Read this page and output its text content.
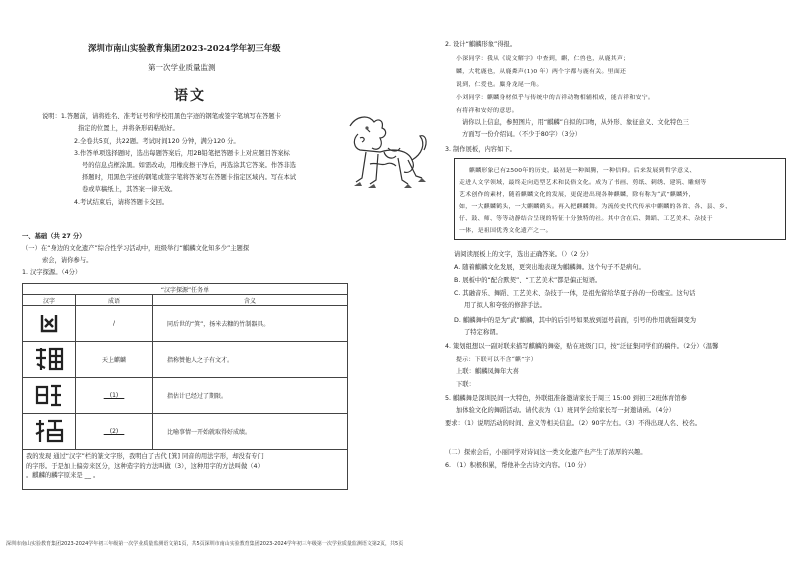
深圳市南山实验教育集团2023-2024学年初三年级
第一次学业质量监测
语文
说明：1.答题前，请将姓名、准考证号和学校用黑色字迹的钢笔或签字笔填写在答题卡
指定的位置上，并将条形码粘贴好。
2.全卷共5页，共22题。考试时间120 分钟，满分120 分。
3.作答单项选择题时，选出每题答案后，用2B铅笔把答题卡上对应题目答案标
号的信息点框涂黑。如需改动，用橡皮擦干净后，再选涂其它答案。作答非选
择题时，用黑色字迹的钢笔或签字笔将答案写在答题卡指定区域内。写在本试
卷或草稿纸上，其答案一律无效。
4.考试结束后，请将答题卡交回。
一、基础（共 27 分）
（一）在“身边的文化遗产”综合性学习活动中，班级举行“麒麟文化知多少”主题探
索会，请你参与。
1. 汉字探源。（4分）
“汉字探源”任务单		
汉字	成语	含义
	/	同后世的“箕”，扬米去糠的竹制器具。
	天上麒麟	指称赞他人之子有文才。
	__(1)__	指估计已经过了期限。
	__(2)__	比喻事情一开始就取得好成绩。

我的发现 通过“汉字”栏的篆文字形，我明白了古代 [箕] 同音的用法字形，却没有专门
的字形。于是加上偏旁来区分，这种造字的方法叫做（3），这种用字的方法叫做（4）
。麒麟的麟字原来是 __ 。		
2. 设计“麒麟形象”得报。
小深同学：我从《说文解字》中查到，麒，仁兽也，从鹿其声；
麟，大牝鹿也，从鹿粦声(1)0 年）两个字都与鹿有关。里面还
说到，仁爱也。麋身龙尾一角。
小刘同学：麒麟身材似乎与传统中的吉祥动物相辅相成，能吉祥和安宁。
有将祥和安好的意思。
请你以上信息，参照图片，用“麒麟”自拟的口吻，从外形、象征意义、文化特色三
方面写一份介绍词。（不少于80字）（3分）
3. 制作展板，内容如下。
麒麟形象已有2500年的历史，最初是一种图腾，一种信仰。后来发展到哲学意义、
走进人文学领域，最终走向造型艺术和民俗文化。成为了书画、剪纸、刺绣、建筑、雕刻等
艺术创作的素材，随着麒麟文化的发展，更促进出现各种麒麟，除有称为“武”麒麟外，
如，一大麒麟鹤头，一大麒麟鹤头。再入把麒麟舞。为流传史代代传承中麒麟的各省、各、县、乡、
仔、鼓、师、等等动静结合呈现的特征十分独特的社。其中含在后、舞蹈、工艺美术、杂技于
一体，是祖国优秀文化遗产之一。
请阅读展板上的文字，选出正确答案。（）（2 分）
A. 随着麒麟文化发展，更突出地表现为麒麟舞。这个句子不是病句。
B. 展板中的“配合默契”、“工艺美术”都是偏正短语。
C. 其融音乐、舞蹈、工艺美术、杂技于一体，是祖先留给华夏子孙的一份瑰宝。这句话
用了拟人和夸张的修辞手法。
D. 麒麟舞中的是为“武”麒麟，其中的后引号如果放到逗号前面，引号的作用就强调变为
了特定称谓。
4. 策划组想以一副对联来描写麒麟的舞姿，贴在班级门口，按“泛征集同学们的稿件。（2分）（温馨
提示：下联可以不含“麒”字）
上联：麒麟凤舞年大喜
下联：
5. 麒麟舞是深圳民间一大特色，外联组准备邀请家长于周三 15:00 到初三2班体育馆参
加体验文化的舞蹈活动。请代表为（1）班同学会给家长写一封邀请函。（4分）
要求：（1）说明活动的时间、意义等相关信息。（2）90字左右。（3）不得出现人名、校名。
（二）探索会后，小丽同学对诗词这一类文化遗产也产生了浓厚的兴趣。
6. （1）积极积累，帮他补全古诗文内容。（10 分）
深圳市南山实验教育集团2023-2024学年初三年级第一次学业质量监测语文第1页，共5页深圳市南山实验教育集团2023-2024学年初三年级第一次学业质量监测语文第2页，共5页
